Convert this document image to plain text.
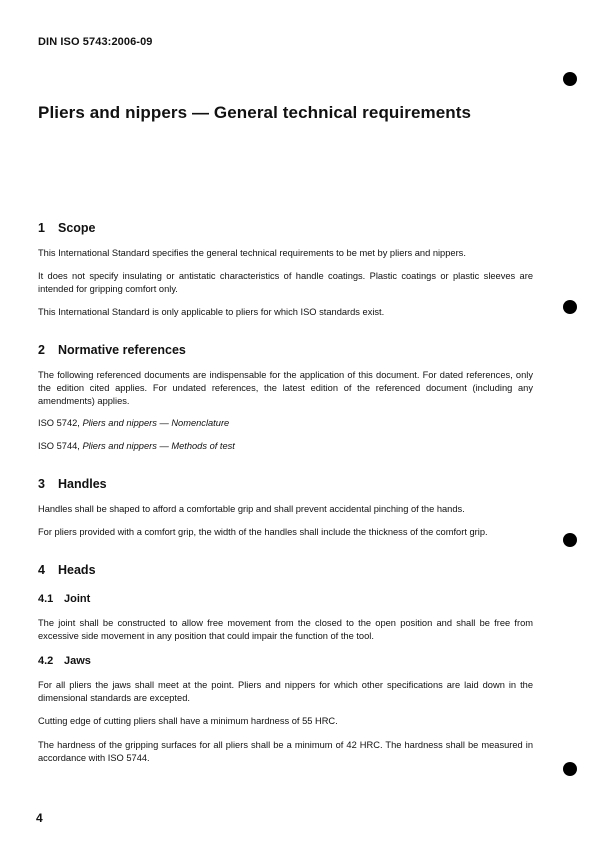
DIN ISO 5743:2006-09
Pliers and nippers — General technical requirements
1 Scope

This International Standard specifies the general technical requirements to be met by pliers and nippers.

It does not specify insulating or antistatic characteristics of handle coatings. Plastic coatings or plastic sleeves are intended for gripping comfort only.

This International Standard is only applicable to pliers for which ISO standards exist.

2 Normative references

The following referenced documents are indispensable for the application of this document. For dated references, only the edition cited applies. For undated references, the latest edition of the referenced document (including any amendments) applies.

ISO 5742, Pliers and nippers — Nomenclature

ISO 5744, Pliers and nippers — Methods of test

3 Handles

Handles shall be shaped to afford a comfortable grip and shall prevent accidental pinching of the hands.

For pliers provided with a comfort grip, the width of the handles shall include the thickness of the comfort grip.

4 Heads
4.1 Joint

The joint shall be constructed to allow free movement from the closed to the open position and shall be free from excessive side movement in any position that could impair the function of the tool.

4.2 Jaws

For all pliers the jaws shall meet at the point. Pliers and nippers for which other specifications are laid down in the dimensional standards are excepted.

Cutting edge of cutting pliers shall have a minimum hardness of 55 HRC.

The hardness of the gripping surfaces for all pliers shall be a minimum of 42 HRC. The hardness shall be measured in accordance with ISO 5744.

4
